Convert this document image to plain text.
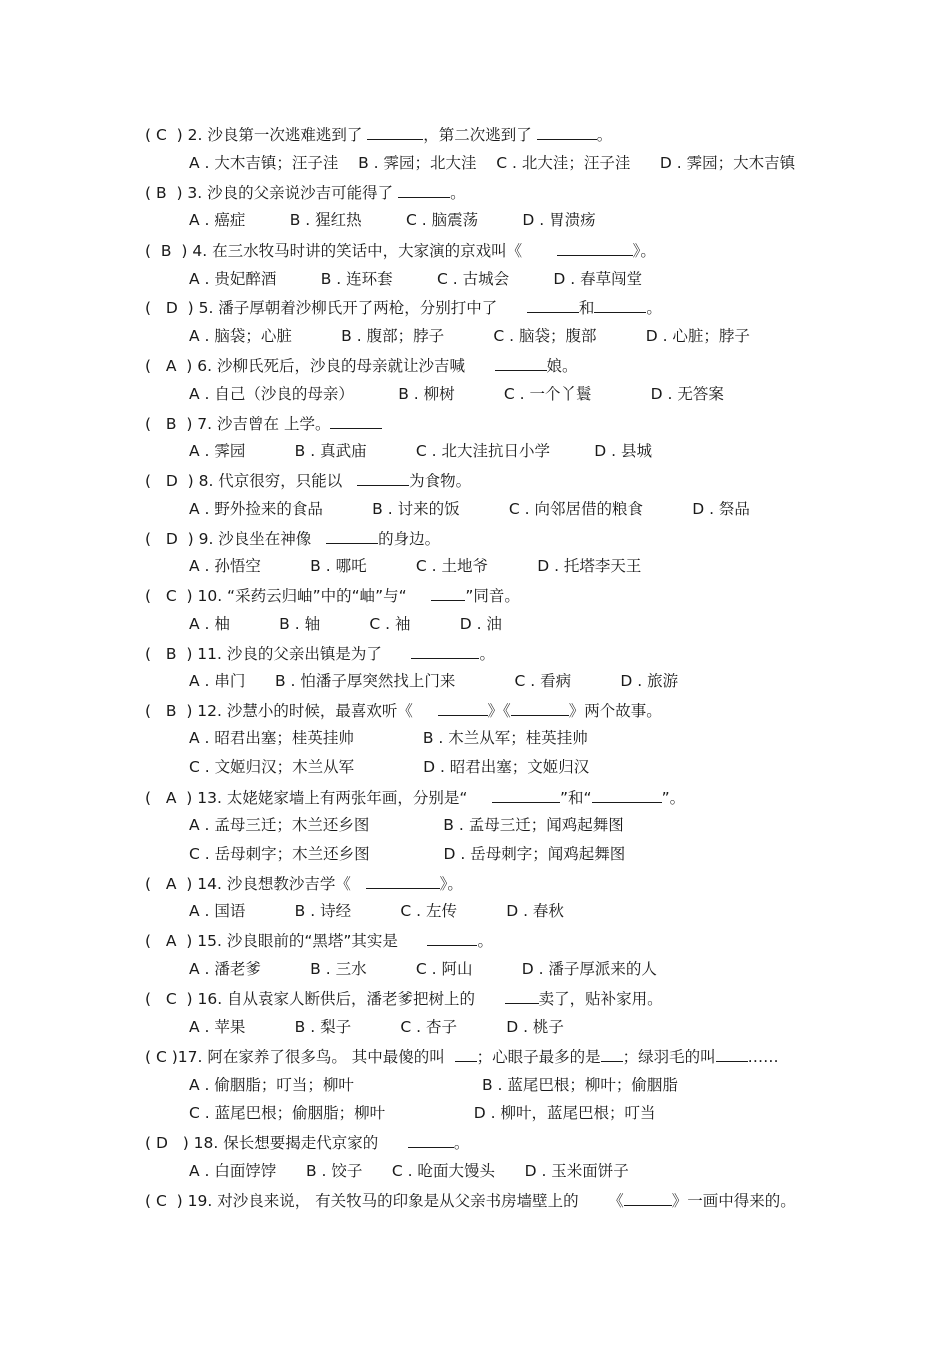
( C  ) 2. 沙良第一次逃难逃到了	，第二次逃到了	。
A . 大木吉镇；汪子洼    B . 霁园；北大洼    C . 北大洼；汪子洼      D . 霁园；大木吉镇
( B  ) 3. 沙良的父亲说沙吉可能得了	。
A . 癌症         B . 猩红热         C . 脑震荡         D . 胃溃疡
(  B  ) 4. 在三水牧马时讲的笑话中，大家演的京戏叫《	》。
A . 贵妃醉酒         B . 连环套         C . 古城会         D . 春草闯堂
(   D  ) 5. 潘子厚朝着沙柳氏开了两枪，分别打中了	和	。
A . 脑袋；心脏          B . 腹部；脖子          C . 脑袋；腹部          D . 心脏；脖子
(   A  ) 6. 沙柳氏死后，沙良的母亲就让沙吉喊	娘。
A . 自己（沙良的母亲）         B . 柳树          C . 一个丫鬟            D . 无答案
(   B  ) 7. 沙吉曾在 上学。
A . 霁园          B . 真武庙          C . 北大洼抗日小学         D . 县城
(   D  ) 8. 代京很穷，只能以	为食物。
A . 野外捡来的食品          B . 讨来的饭          C . 向邻居借的粮食          D . 祭品
(   D  ) 9. 沙良坐在神像	的身边。
A . 孙悟空          B . 哪吒          C . 土地爷          D . 托塔李天王
(   C  ) 10. “采药云归岫”中的“岫”与“	”同音。
A . 柚          B . 轴          C . 袖          D . 油
(   B  ) 11. 沙良的父亲出镇是为了	。
A . 串门      B . 怕潘子厚突然找上门来            C . 看病          D . 旅游
(   B  ) 12. 沙慧小的时候，最喜欢听《	》《	》两个故事。
A . 昭君出塞；桂英挂帅              B . 木兰从军；桂英挂帅
C . 文姬归汉；木兰从军              D . 昭君出塞；文姬归汉
(   A  ) 13. 太姥姥家墙上有两张年画，分别是“	”和“	”。
A . 孟母三迁；木兰还乡图               B . 孟母三迁；闻鸡起舞图
C . 岳母刺字；木兰还乡图               D . 岳母刺字；闻鸡起舞图
(   A  ) 14. 沙良想教沙吉学《	》。
A . 国语          B . 诗经          C . 左传          D . 春秋
(   A  ) 15. 沙良眼前的“黑塔”其实是	。
A . 潘老爹          B . 三水          C . 阿山          D . 潘子厚派来的人
(   C  ) 16. 自从袁家人断供后，潘老爹把树上的	卖了，贴补家用。
A . 苹果          B . 梨子          C . 杏子          D . 桃子
( C )17. 阿在家养了很多鸟。 其中最傻的叫 ；心眼子最多的是 ；绿羽毛的叫 ……
A . 偷胭脂；叮当；柳叶                          B . 蓝尾巴根；柳叶；偷胭脂
C . 蓝尾巴根；偷胭脂；柳叶                  D . 柳叶，蓝尾巴根；叮当
( D   ) 18. 保长想要揭走代京家的	。
A . 白面饽饽      B . 饺子      C . 呛面大馒头      D . 玉米面饼子
( C  ) 19. 对沙良来说， 有关牧马的印象是从父亲书房墙壁上的      《	》一画中得来的。
